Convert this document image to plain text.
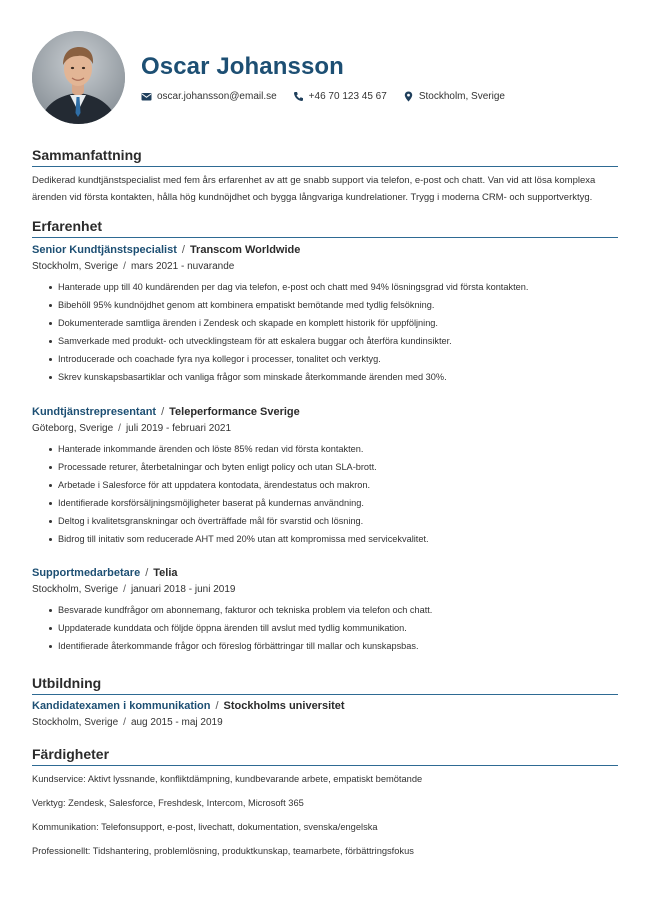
Oscar Johansson
oscar.johansson@email.se	+46 70 123 45 67	Stockholm, Sverige
Sammanfattning
Dedikerad kundtjänstspecialist med fem års erfarenhet av att ge snabb support via telefon, e-post och chatt. Van vid att lösa komplexa ärenden vid första kontakten, hålla hög kundnöjdhet och bygga långvariga kundrelationer. Trygg i moderna CRM- och supportverktyg.
Erfarenhet
Senior Kundtjänstspecialist / Transcom Worldwide
Stockholm, Sverige / mars 2021 - nuvarande
Hanterade upp till 40 kundärenden per dag via telefon, e-post och chatt med 94% lösningsgrad vid första kontakten.
Bibehöll 95% kundnöjdhet genom att kombinera empatiskt bemötande med tydlig felsökning.
Dokumenterade samtliga ärenden i Zendesk och skapade en komplett historik för uppföljning.
Samverkade med produkt- och utvecklingsteam för att eskalera buggar och återföra kundinsikter.
Introducerade och coachade fyra nya kollegor i processer, tonalitet och verktyg.
Skrev kunskapsbasartiklar och vanliga frågor som minskade återkommande ärenden med 30%.
Kundtjänstrepresentant / Teleperformance Sverige
Göteborg, Sverige / juli 2019 - februari 2021
Hanterade inkommande ärenden och löste 85% redan vid första kontakten.
Processade returer, återbetalningar och byten enligt policy och utan SLA-brott.
Arbetade i Salesforce för att uppdatera kontodata, ärendestatus och makron.
Identifierade korsförsäljningsmöjligheter baserat på kundernas användning.
Deltog i kvalitetsgranskningar och överträffade mål för svarstid och lösning.
Bidrog till initativ som reducerade AHT med 20% utan att kompromissa med servicekvalitet.
Supportmedarbetare / Telia
Stockholm, Sverige / januari 2018 - juni 2019
Besvarade kundfrågor om abonnemang, fakturor och tekniska problem via telefon och chatt.
Uppdaterade kunddata och följde öppna ärenden till avslut med tydlig kommunikation.
Identifierade återkommande frågor och föreslog förbättringar till mallar och kunskapsbas.
Utbildning
Kandidatexamen i kommunikation / Stockholms universitet
Stockholm, Sverige / aug 2015 - maj 2019
Färdigheter
Kundservice: Aktivt lyssnande, konfliktdämpning, kundbevarande arbete, empatiskt bemötande
Verktyg: Zendesk, Salesforce, Freshdesk, Intercom, Microsoft 365
Kommunikation: Telefonsupport, e-post, livechatt, dokumentation, svenska/engelska
Professionellt: Tidshantering, problemlösning, produktkunskap, teamarbete, förbättringsfokus
